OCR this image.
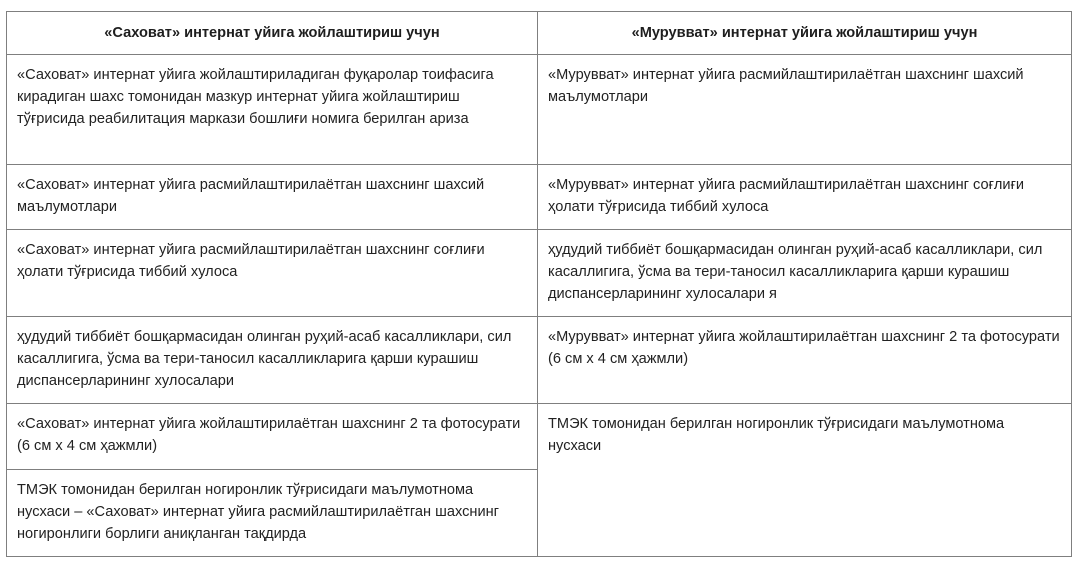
«Саховат» интернат уйига жойлаштириш учун	«Мурувват» интернат уйига жойлаштириш учун
«Саховат» интернат уйига жойлаштириладиган фуқаролар тоифасига кирадиган шахс томонидан мазкур интернат уйига жойлаштириш тўғрисида реабилитация маркази бошлиғи номига берилган ариза	«Мурувват» интернат уйига расмийлаштирилаётган шахснинг шахсий маълумотлари
«Саховат» интернат уйига расмийлаштирилаётган шахснинг шахсий маълумотлари	«Мурувват» интернат уйига расмийлаштирилаётган шахснинг соғлиғи ҳолати тўғрисида тиббий хулоса
«Саховат» интернат уйига расмийлаштирилаётган шахснинг соғлиғи ҳолати тўғрисида тиббий хулоса	ҳудудий тиббиёт бошқармасидан олинган руҳий-асаб касалликлари, сил касаллигига, ўсма ва тери-таносил касалликларига қарши курашиш диспансерларининг хулосалари я
ҳудудий тиббиёт бошқармасидан олинган руҳий-асаб касалликлари, сил касаллигига, ўсма ва тери-таносил касалликларига қарши курашиш диспансерларининг хулосалари	«Мурувват» интернат уйига жойлаштирилаётган шахснинг 2 та фотосурати (6 см х 4 см ҳажмли)
«Саховат» интернат уйига жойлаштирилаётган шахснинг 2 та фотосурати (6 см х 4 см ҳажмли)	ТМЭК томонидан берилган ногиронлик тўғрисидаги маълумотнома нусхаси
ТМЭК томонидан берилган ногиронлик тўғрисидаги маълумотнома нусхаси – «Саховат» интернат уйига расмийлаштирилаётган шахснинг ногиронлиги борлиги аниқланган тақдирда	
